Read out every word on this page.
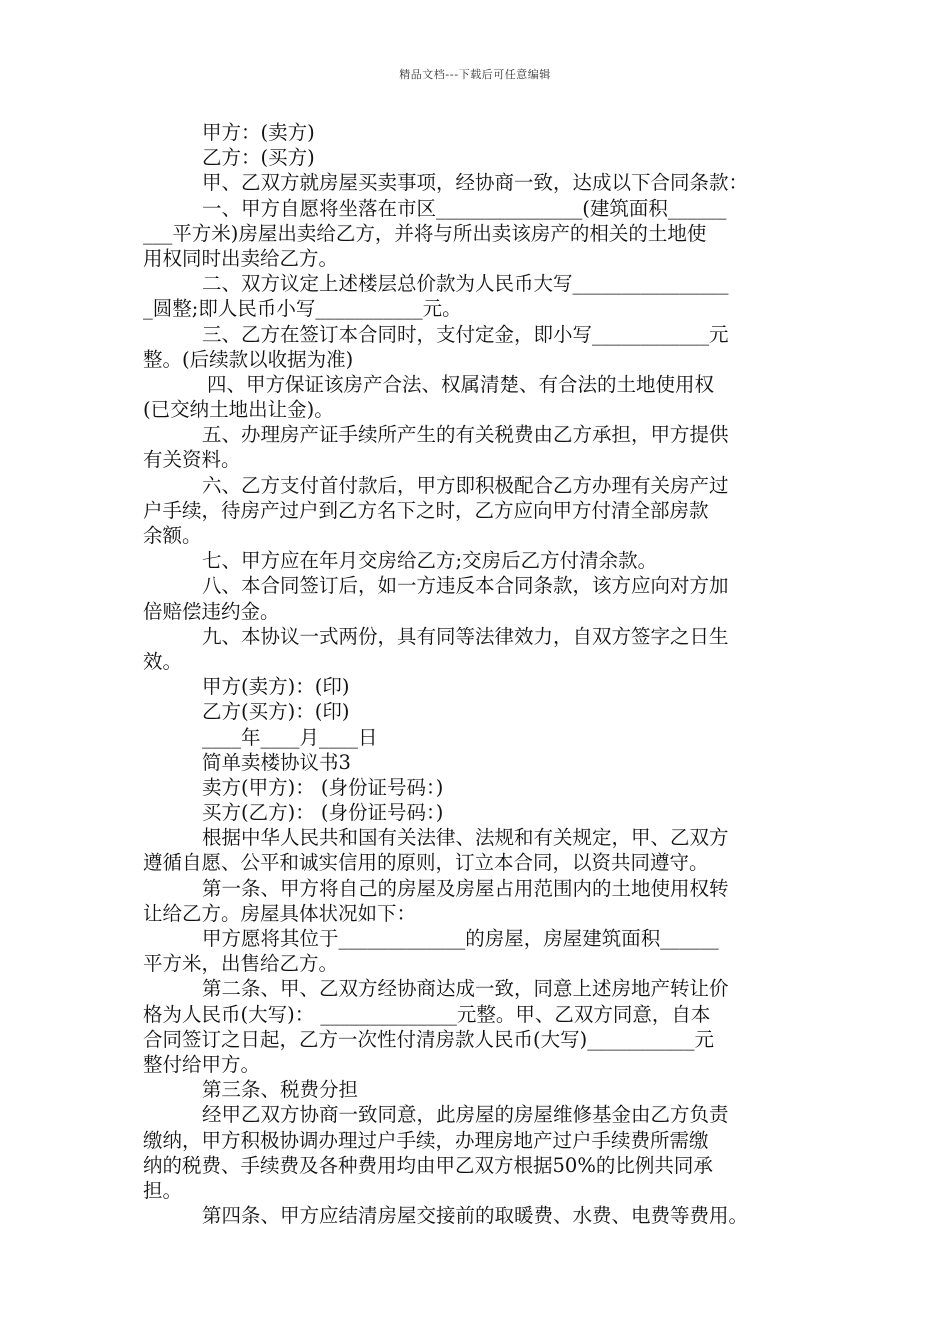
精品文档---下载后可任意编辑
甲方：(卖方)
乙方：(买方)
甲、乙双方就房屋买卖事项，经协商一致，达成以下合同条款：
一、甲方自愿将坐落在市区_______________(建筑面积______
___平方米)房屋出卖给乙方，并将与所出卖该房产的相关的土地使
用权同时出卖给乙方。
二、双方议定上述楼层总价款为人民币大写________________
_圆整;即人民币小写___________元。
三、乙方在签订本合同时，支付定金，即小写____________元
整。(后续款以收据为准)
四、甲方保证该房产合法、权属清楚、有合法的土地使用权
(已交纳土地出让金)。
五、办理房产证手续所产生的有关税费由乙方承担，甲方提供
有关资料。
六、乙方支付首付款后，甲方即积极配合乙方办理有关房产过
户手续，待房产过户到乙方名下之时，乙方应向甲方付清全部房款
余额。
七、甲方应在年月交房给乙方;交房后乙方付清余款。
八、本合同签订后，如一方违反本合同条款，该方应向对方加
倍赔偿违约金。
九、本协议一式两份，具有同等法律效力，自双方签字之日生
效。
甲方(卖方)：(印)
乙方(买方)：(印)
____年____月____日
简单卖楼协议书3
卖方(甲方)： (身份证号码：)
买方(乙方)： (身份证号码：)
根据中华人民共和国有关法律、法规和有关规定，甲、乙双方
遵循自愿、公平和诚实信用的原则，订立本合同，以资共同遵守。
第一条、甲方将自己的房屋及房屋占用范围内的土地使用权转
让给乙方。房屋具体状况如下：
甲方愿将其位于_____________的房屋，房屋建筑面积______
平方米，出售给乙方。
第二条、甲、乙双方经协商达成一致，同意上述房地产转让价
格为人民币(大写)： ______________元整。甲、乙双方同意，自本
合同签订之日起，乙方一次性付清房款人民币(大写)___________元
整付给甲方。
第三条、税费分担
经甲乙双方协商一致同意，此房屋的房屋维修基金由乙方负责
缴纳，甲方积极协调办理过户手续，办理房地产过户手续费所需缴
纳的税费、手续费及各种费用均由甲乙双方根据50%的比例共同承
担。
第四条、甲方应结清房屋交接前的取暖费、水费、电费等费用。
